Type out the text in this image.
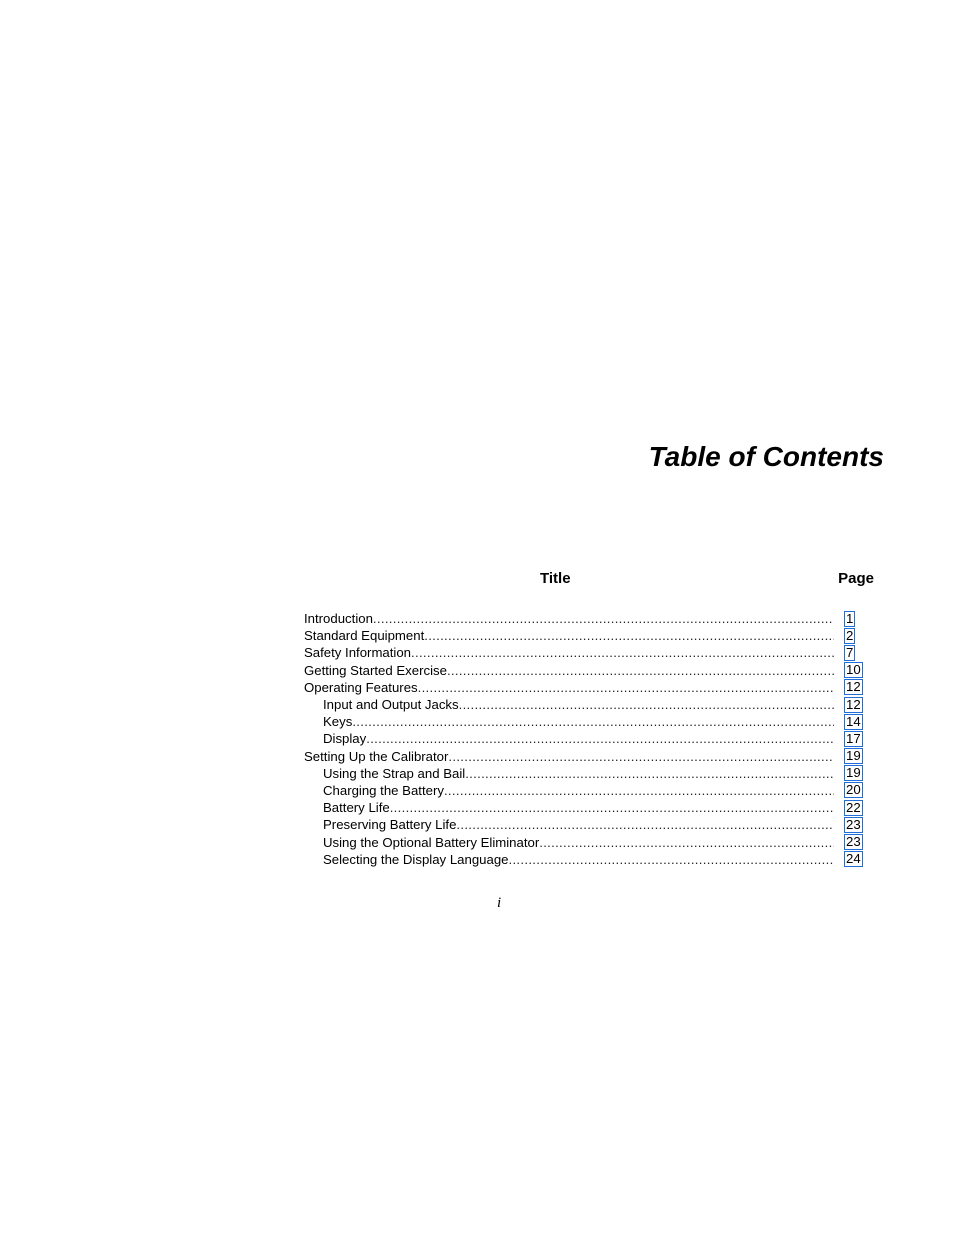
Table of Contents
Title	Page
Introduction .....	1
Standard Equipment .....	2
Safety Information .....	7
Getting Started Exercise .....	10
Operating Features .....	12
Input and Output Jacks .....	12
Keys .....	14
Display .....	17
Setting Up the Calibrator .....	19
Using the Strap and Bail .....	19
Charging the Battery .....	20
Battery Life .....	22
Preserving Battery Life .....	23
Using the Optional Battery Eliminator .....	23
Selecting the Display Language .....	24
i
